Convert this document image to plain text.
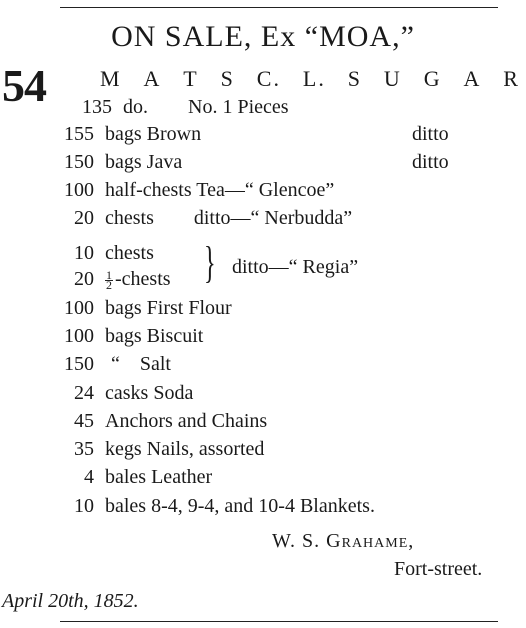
ON SALE, Ex “MOA,”
54 M A T S C. L. S U G A R
135 do.        No. 1 Pieces
155 bags Brown	ditto
150 bags Java	ditto
100 half-chests Tea—“ Glencoe”
20 chests        ditto—“ Nerbudda”
10 chests
$20 \frac{1}{2}$ -chests } ditto—“ Regia”
100 bags First Flour
100 bags Biscuit
150 “    Salt
24 casks Soda
45 Anchors and Chains
35 kegs Nails, assorted
4 bales Leather
10 bales 8-4, 9-4, and 10-4 Blankets.
W. S. Grahame,
Fort-street.
April 20th, 1852.
